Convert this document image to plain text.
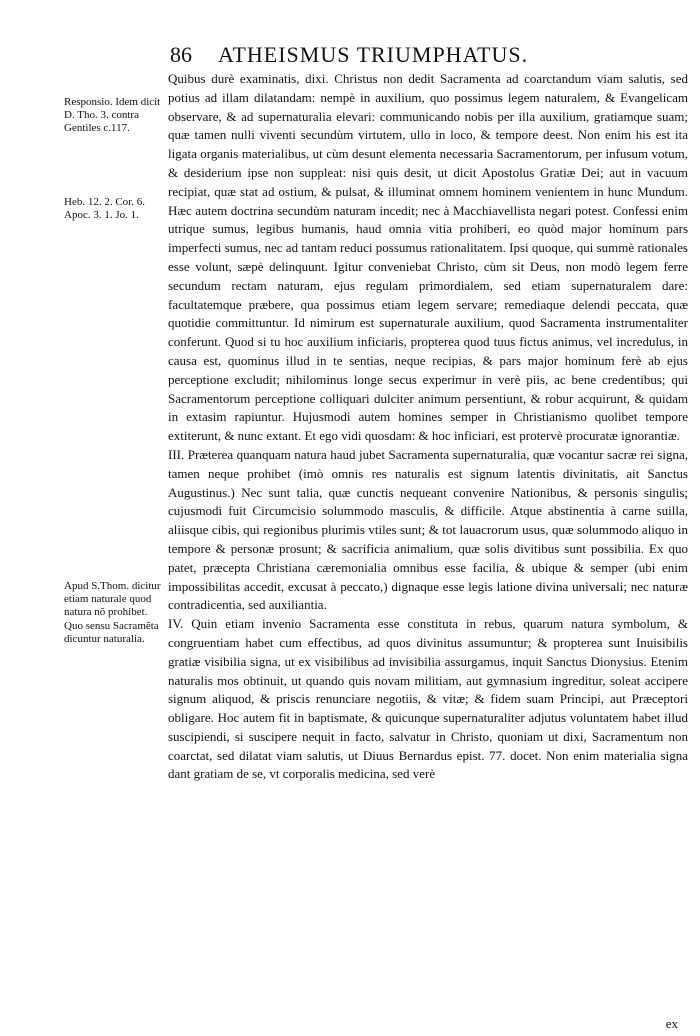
86 ATHEISMUS TRIUMPHATUS.

Responsio. Idem dicit D. Tho. 3. contra Gentiles c.117.

Heb. 12. 2. Cor. 6. Apoc. 3. 1. Jo. 1.

Apud S.Thom. dicitur etiam naturale quod natura nõ prohibet. Quo sensu Sacramẽta dicuntur naturalia.

Quibus durè examinatis, dixi. Christus non dedit Sacramenta ad coarctandum viam salutis, sed potius ad illam dilatandam: nempè in auxilium, quo possimus legem naturalem, & Evangelicam observare, & ad supernaturalia elevari: communicando nobis per illa auxilium, gratiamque suam; quæ tamen nulli viventi secundùm virtutem, ullo in loco, & tempore deest. Non enim his est ita ligata organis materialibus, ut cùm desunt elementa necessaria Sacramentorum, per infusum votum, & desiderium ipse non suppleat: nisi quis desit, ut dicit Apostolus Gratiæ Dei; aut in vacuum recipiat, quæ stat ad ostium, & pulsat, & illuminat omnem hominem venientem in hunc Mundum. Hæc autem doctrina secundùm naturam incedit; nec à Macchiavellista negari potest. Confessi enim utrique sumus, legibus humanis, haud omnia vitia prohiberi, eo quòd major hominum pars imperfecti sumus, nec ad tantam reduci possumus rationalitatem. Ipsi quoque, qui summè rationales esse volunt, sæpè delinquunt. Igitur conveniebat Christo, cùm sit Deus, non modò legem ferre secundum rectam naturam, ejus regulam primordialem, sed etiam supernaturalem dare: facultatemque præbere, qua possimus etiam legem servare; remediaque delendi peccata, quæ quotidie committuntur. Id nimirum est supernaturale auxilium, quod Sacramenta instrumentaliter conferunt. Quod si tu hoc auxilium inficiaris, propterea quod tuus fictus animus, vel incredulus, in causa est, quominus illud in te sentias, neque recipias, & pars major hominum ferè ab ejus perceptione excludit; nihilominus longe secus experimur in verè piis, ac bene credentibus; qui Sacramentorum perceptione colliquari dulciter animum persentiunt, & robur acquirunt, & quidam in extasim rapiuntur. Hujusmodi autem homines semper in Christianismo quolibet tempore extiterunt, & nunc extant. Et ego vidi quosdam: & hoc inficiari, est protervè procuratæ ignorantiæ.

III. Præterea quanquam natura haud jubet Sacramenta supernaturalia, quæ vocantur sacræ rei signa, tamen neque prohibet (imò omnis res naturalis est signum latentis divinitatis, ait Sanctus Augustinus.) Nec sunt talia, quæ cunctis nequeant convenire Nationibus, & personis singulis; cujusmodi fuit Circumcisio solummodo masculis, & difficile. Atque abstinentia à carne suilla, aliisque cibis, qui regionibus plurimis vtiles sunt; & tot lauacrorum usus, quæ solummodo aliquo in tempore & personæ prosunt; & sacrificia animalium, quæ solis divitibus sunt possibilia. Ex quo patet, præcepta Christiana cæremonialia omnibus esse facilia, & ubique & semper (ubi enim impossibilitas accedit, excusat à peccato,) dignaque esse legis latione divina universali; nec naturæ contradicentia, sed auxiliantia.

IV. Quin etiam invenio Sacramenta esse constituta in rebus, quarum natura symbolum, & congruentiam habet cum effectibus, ad quos divinitus assumuntur; & propterea sunt Inuisibilis gratiæ visibilia signa, ut ex visibilibus ad invisibilia assurgamus, inquit Sanctus Dionysius. Etenim naturalis mos obtinuit, ut quando quis novam militiam, aut gymnasium ingreditur, soleat accipere signum aliquod, & priscis renunciare negotiis, & vitæ; & fidem suam Principi, aut Præceptori obligare. Hoc autem fit in baptismate, & quicunque supernaturaliter adjutus voluntatem habet illud suscipiendi, si suscipere nequit in facto, salvatur in Christo, quoniam ut dixi, Sacramentum non coarctat, sed dilatat viam salutis, ut Diuus Bernardus epist. 77. docet. Non enim materialia signa dant gratiam de se, vt corporalis medicina, sed verè

ex
